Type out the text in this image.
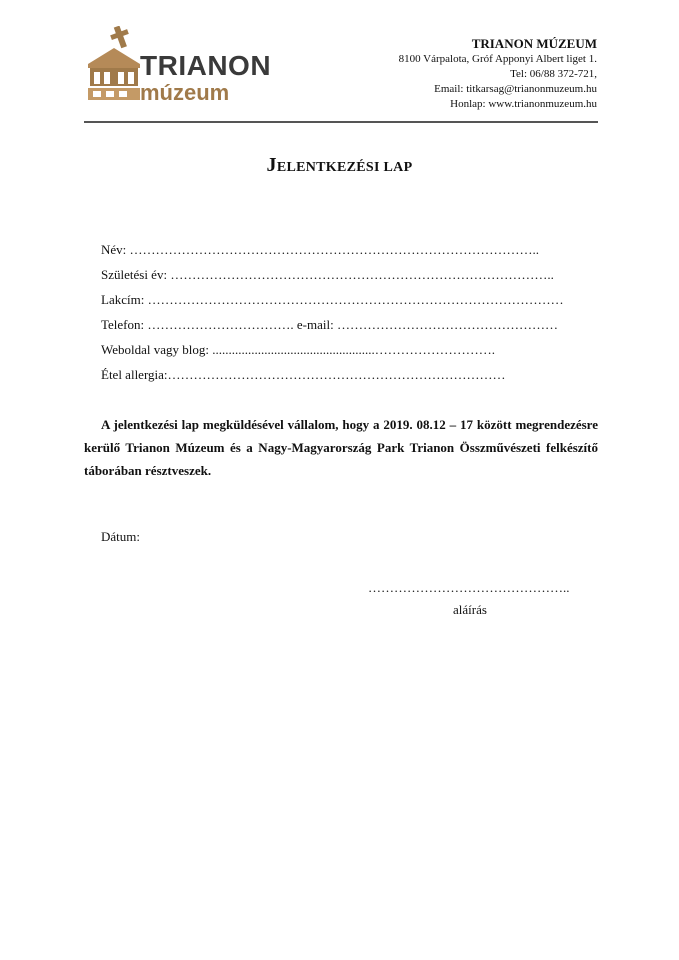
TRIANON
múzeum
TRIANON MÚZEUM
8100 Várpalota, Gróf Apponyi Albert liget 1.
Tel: 06/88 372-721,
Email: titkarsag@trianonmuzeum.hu
Honlap: www.trianonmuzeum.hu
JELENTKEZÉSI LAP
Név: …………………………………………………………………………………..
Születési év: ……………………………………………………………………………..
Lakcím: ……………………………………………………………………………………
Telefon: ……………………………. e-mail: ……………………………………………
Weboldal vagy blog: ..................................................……………………….
Étel allergia:……………………………………………………………………
A jelentkezési lap megküldésével vállalom, hogy a 2019. 08.12 – 17 között megrendezésre kerülő Trianon Múzeum és a Nagy-Magyarország Park Trianon Összművészeti felkészítő táborában résztveszek.
Dátum:
………………………………………..
aláírás
